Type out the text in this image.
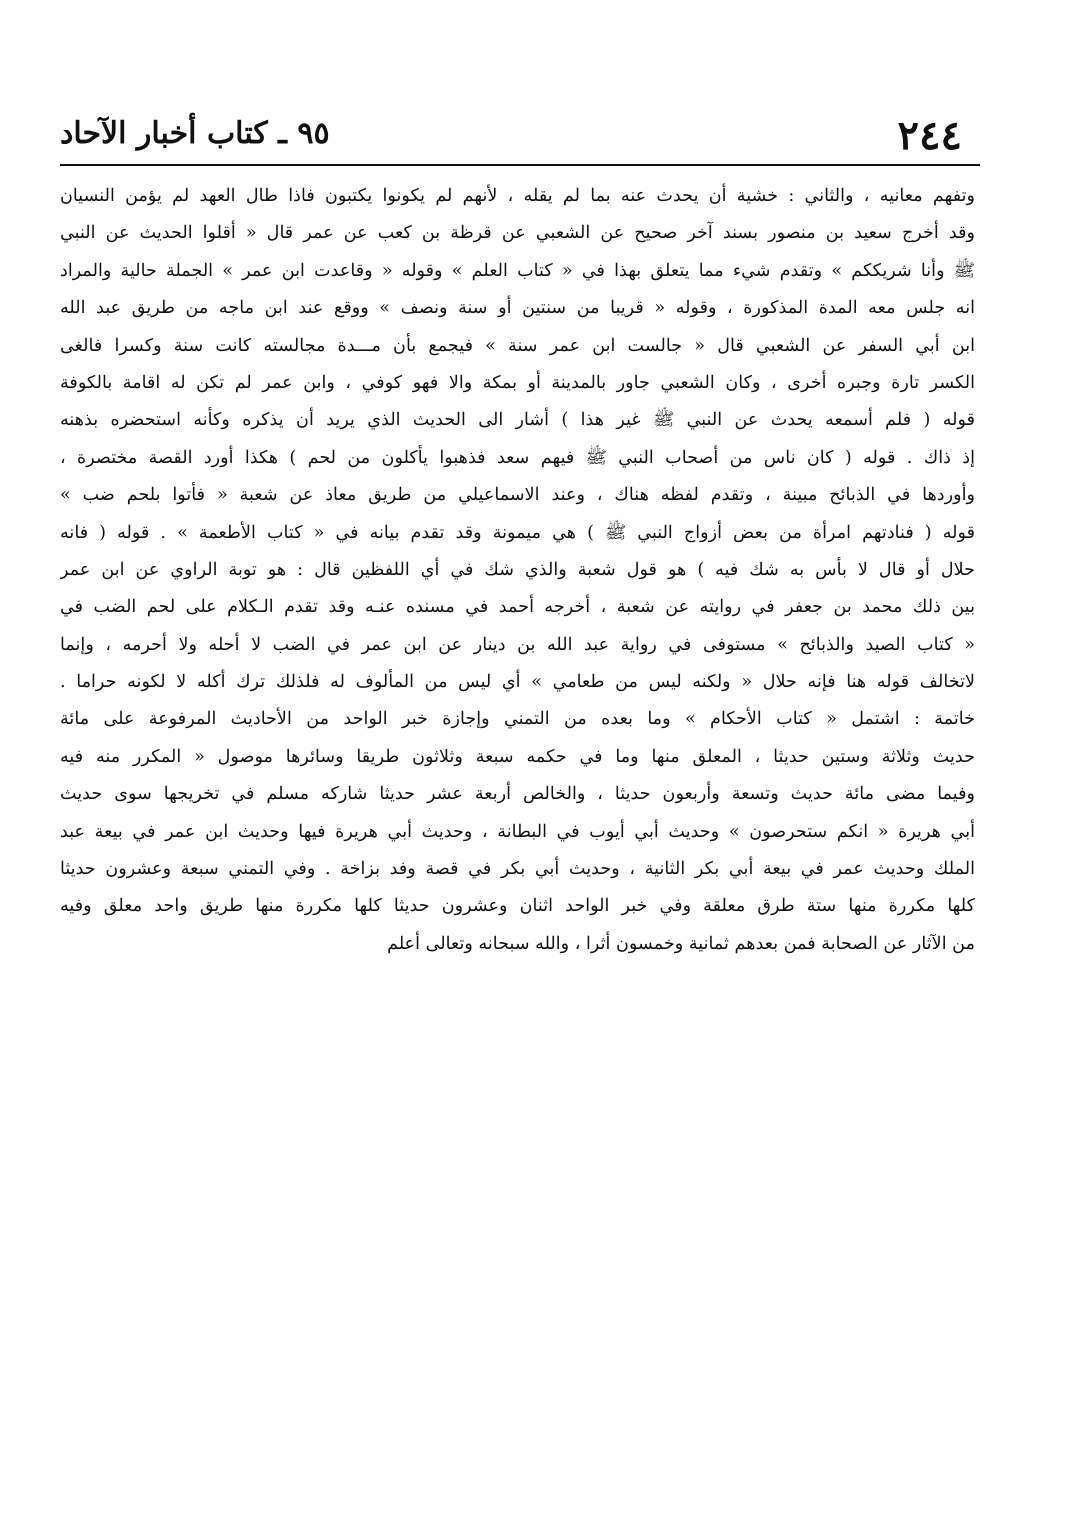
٢٤٤
٩٥ ـ كتاب أخبار الآحاد
وتفهم معانيه ، والثاني : خشية أن يحدث عنه بما لم يقله ، لأنهم لم يكونوا يكتبون فاذا طال العهد لم يؤمن النسيان
وقد أخرج سعيد بن منصور بسند آخر صحيح عن الشعبي عن قرظة بن كعب عن عمر قال « أقلوا الحديث عن النبي
ﷺ وأنا شريككم » وتقدم شيء مما يتعلق بهذا في « كتاب العلم » وقوله « وقاعدت ابن عمر » الجملة حالية والمراد
انه جلس معه المدة المذكورة ، وقوله « قريبا من سنتين أو سنة ونصف » ووقع عند ابن ماجه من طريق عبد الله
ابن أبي السفر عن الشعبي قال « جالست ابن عمر سنة » فيجمع بأن مـــدة مجالسته كانت سنة وكسرا فالغى
الكسر تارة وجبره أخرى ، وكان الشعبي جاور بالمدينة أو بمكة والا فهو كوفي ، وابن عمر لم تكن له اقامة بالكوفة
قوله ( فلم أسمعه يحدث عن النبي ﷺ غير هذا ) أشار الى الحديث الذي يريد أن يذكره وكأنه استحضره بذهنه
إذ ذاك . قوله ( كان ناس من أصحاب النبي ﷺ فيهم سعد فذهبوا يأكلون من لحم ) هكذا أورد القصة مختصرة ،
وأوردها في الذبائح مبينة ، وتقدم لفظه هناك ، وعند الاسماعيلي من طريق معاذ عن شعبة « فأتوا بلحم ضب »
قوله ( فنادتهم امرأة من بعض أزواج النبي ﷺ ) هي ميمونة وقد تقدم بيانه في « كتاب الأطعمة » . قوله ( فانه
حلال أو قال لا بأس به شك فيه ) هو قول شعبة والذي شك في أي اللفظين قال : هو توبة الراوي عن ابن عمر
بين ذلك محمد بن جعفر في روايته عن شعبة ، أخرجه أحمد في مسنده عنـه وقد تقدم الـكلام على لحم الضب في
« كتاب الصيد والذبائح » مستوفى في رواية عبد الله بن دينار عن ابن عمر في الضب لا أحله ولا أحرمه ، وإنما
لاتخالف قوله هنا فإنه حلال « ولكنه ليس من طعامي » أي ليس من المألوف له فلذلك ترك أكله لا لكونه حراما .
خاتمة : اشتمل « كتاب الأحكام » وما بعده من التمني وإجازة خبر الواحد من الأحاديث المرفوعة على مائة
حديث وثلاثة وستين حديثا ، المعلق منها وما في حكمه سبعة وثلاثون طريقا وسائرها موصول « المكرر منه فيه
وفيما مضى مائة حديث وتسعة وأربعون حديثا ، والخالص أربعة عشر حديثا شاركه مسلم في تخريجها سوى حديث
أبي هريرة « انكم ستحرصون » وحديث أبي أيوب في البطانة ، وحديث أبي هريرة فيها وحديث ابن عمر في بيعة عبد
الملك وحديث عمر في بيعة أبي بكر الثانية ، وحديث أبي بكر في قصة وفد بزاخة . وفي التمني سبعة وعشرون حديثا
كلها مكررة منها ستة طرق معلقة وفي خبر الواحد اثنان وعشرون حديثا كلها مكررة منها طريق واحد معلق وفيه
من الآثار عن الصحابة فمن بعدهم ثمانية وخمسون أثرا ، والله سبحانه وتعالى أعلم
